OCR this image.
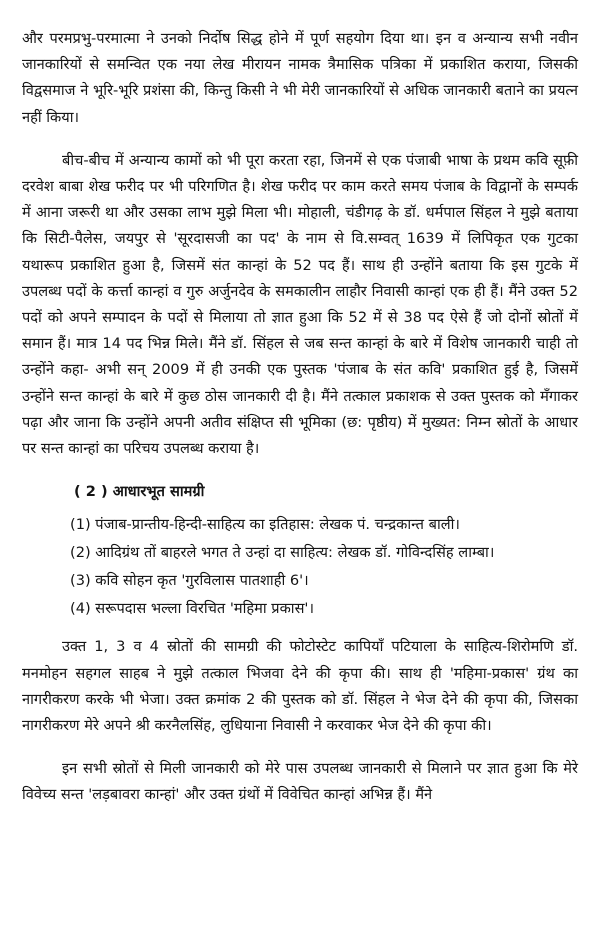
और परमप्रभु-परमात्मा ने उनको निर्दोष सिद्ध होने में पूर्ण सहयोग दिया था। इन व अन्यान्य सभी नवीन जानकारियों से समन्वित एक नया लेख मीरायन नामक त्रैमासिक पत्रिका में प्रकाशित कराया, जिसकी विद्वसमाज ने भूरि-भूरि प्रशंसा की, किन्तु किसी ने भी मेरी जानकारियों से अधिक जानकारी बताने का प्रयत्न नहीं किया।

बीच-बीच में अन्यान्य कामों को भी पूरा करता रहा, जिनमें से एक पंजाबी भाषा के प्रथम कवि सूफ़ी दरवेश बाबा शेख फरीद पर भी परिगणित है। शेख फरीद पर काम करते समय पंजाब के विद्वानों के सम्पर्क में आना जरूरी था और उसका लाभ मुझे मिला भी। मोहाली, चंडीगढ़ के डॉ. धर्मपाल सिंहल ने मुझे बताया कि सिटी-पैलेस, जयपुर से 'सूरदासजी का पद' के नाम से वि.सम्वत् 1639 में लिपिकृत एक गुटका यथारूप प्रकाशित हुआ है, जिसमें संत कान्हां के 52 पद हैं। साथ ही उन्होंने बताया कि इस गुटके में उपलब्ध पदों के कर्त्ता कान्हां व गुरु अर्जुनदेव के समकालीन लाहौर निवासी कान्हां एक ही हैं। मैंने उक्त 52 पदों को अपने सम्पादन के पदों से मिलाया तो ज्ञात हुआ कि 52 में से 38 पद ऐसे हैं जो दोनों स्रोतों में समान हैं। मात्र 14 पद भिन्न मिले। मैंने डॉ. सिंहल से जब सन्त कान्हां के बारे में विशेष जानकारी चाही तो उन्होंने कहा- अभी सन् 2009 में ही उनकी एक पुस्तक 'पंजाब के संत कवि' प्रकाशित हुई है, जिसमें उन्होंने सन्त कान्हां के बारे में कुछ ठोस जानकारी दी है। मैंने तत्काल प्रकाशक से उक्त पुस्तक को मँगाकर पढ़ा और जाना कि उन्होंने अपनी अतीव संक्षिप्त सी भूमिका (छ: पृष्ठीय) में मुख्यत: निम्न स्रोतों के आधार पर सन्त कान्हां का परिचय उपलब्ध कराया है।

( 2 ) आधारभूत सामग्री

(1) पंजाब-प्रान्तीय-हिन्दी-साहित्य का इतिहास: लेखक पं. चन्द्रकान्त बाली।
(2) आदिग्रंथ तों बाहरले भगत ते उन्हां दा साहित्य: लेखक डॉ. गोविन्दसिंह लाम्बा।
(3) कवि सोहन कृत 'गुरविलास पातशाही 6'।
(4) सरूपदास भल्ला विरचित 'महिमा प्रकास'।

उक्त 1, 3 व 4 स्रोतों की सामग्री की फोटोस्टेट कापियाँ पटियाला के साहित्य-शिरोमणि डॉ. मनमोहन सहगल साहब ने मुझे तत्काल भिजवा देने की कृपा की। साथ ही 'महिमा-प्रकास' ग्रंथ का नागरीकरण करके भी भेजा। उक्त क्रमांक 2 की पुस्तक को डॉ. सिंहल ने भेज देने की कृपा की, जिसका नागरीकरण मेरे अपने श्री करनैलसिंह, लुधियाना निवासी ने करवाकर भेज देने की कृपा की।

इन सभी स्रोतों से मिली जानकारी को मेरे पास उपलब्ध जानकारी से मिलाने पर ज्ञात हुआ कि मेरे विवेच्य सन्त 'लड़बावरा कान्हां' और उक्त ग्रंथों में विवेचित कान्हां अभिन्न हैं। मैंने
